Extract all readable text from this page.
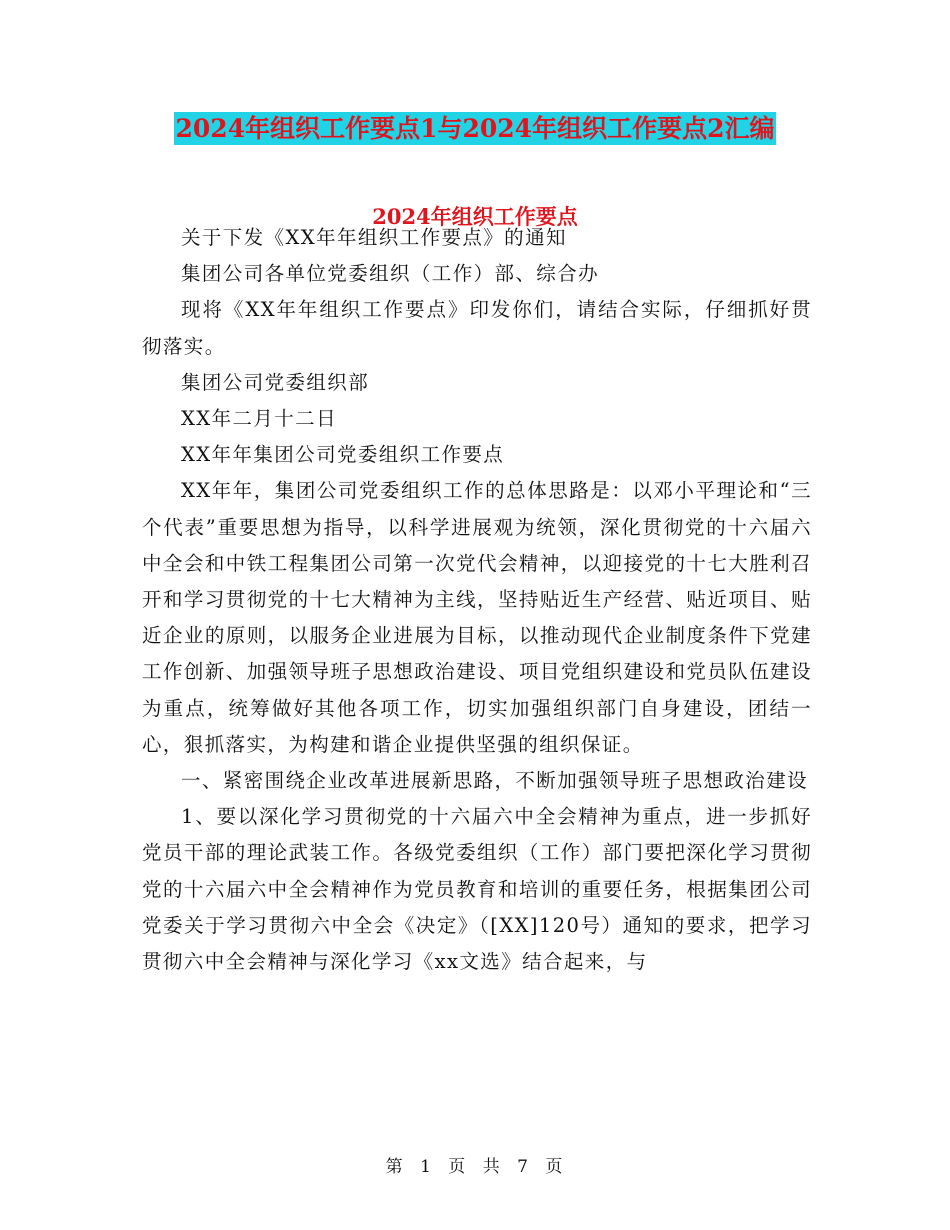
2024年组织工作要点1与2024年组织工作要点2汇编
2024年组织工作要点

关于下发《XX年年组织工作要点》的通知

集团公司各单位党委组织（工作）部、综合办

现将《XX年年组织工作要点》印发你们，请结合实际，仔细抓好贯彻落实。

集团公司党委组织部

XX年二月十二日

XX年年集团公司党委组织工作要点

XX年年，集团公司党委组织工作的总体思路是：以邓小平理论和“三个代表”重要思想为指导，以科学进展观为统领，深化贯彻党的十六届六中全会和中铁工程集团公司第一次党代会精神，以迎接党的十七大胜利召开和学习贯彻党的十七大精神为主线，坚持贴近生产经营、贴近项目、贴近企业的原则，以服务企业进展为目标，以推动现代企业制度条件下党建工作创新、加强领导班子思想政治建设、项目党组织建设和党员队伍建设为重点，统筹做好其他各项工作，切实加强组织部门自身建设，团结一心，狠抓落实，为构建和谐企业提供坚强的组织保证。

一、紧密围绕企业改革进展新思路，不断加强领导班子思想政治建设

1、要以深化学习贯彻党的十六届六中全会精神为重点，进一步抓好党员干部的理论武装工作。各级党委组织（工作）部门要把深化学习贯彻党的十六届六中全会精神作为党员教育和培训的重要任务，根据集团公司党委关于学习贯彻六中全会《决定》（[XX]120号）通知的要求，把学习贯彻六中全会精神与深化学习《xx文选》结合起来，与

第 1 页 共 7 页
